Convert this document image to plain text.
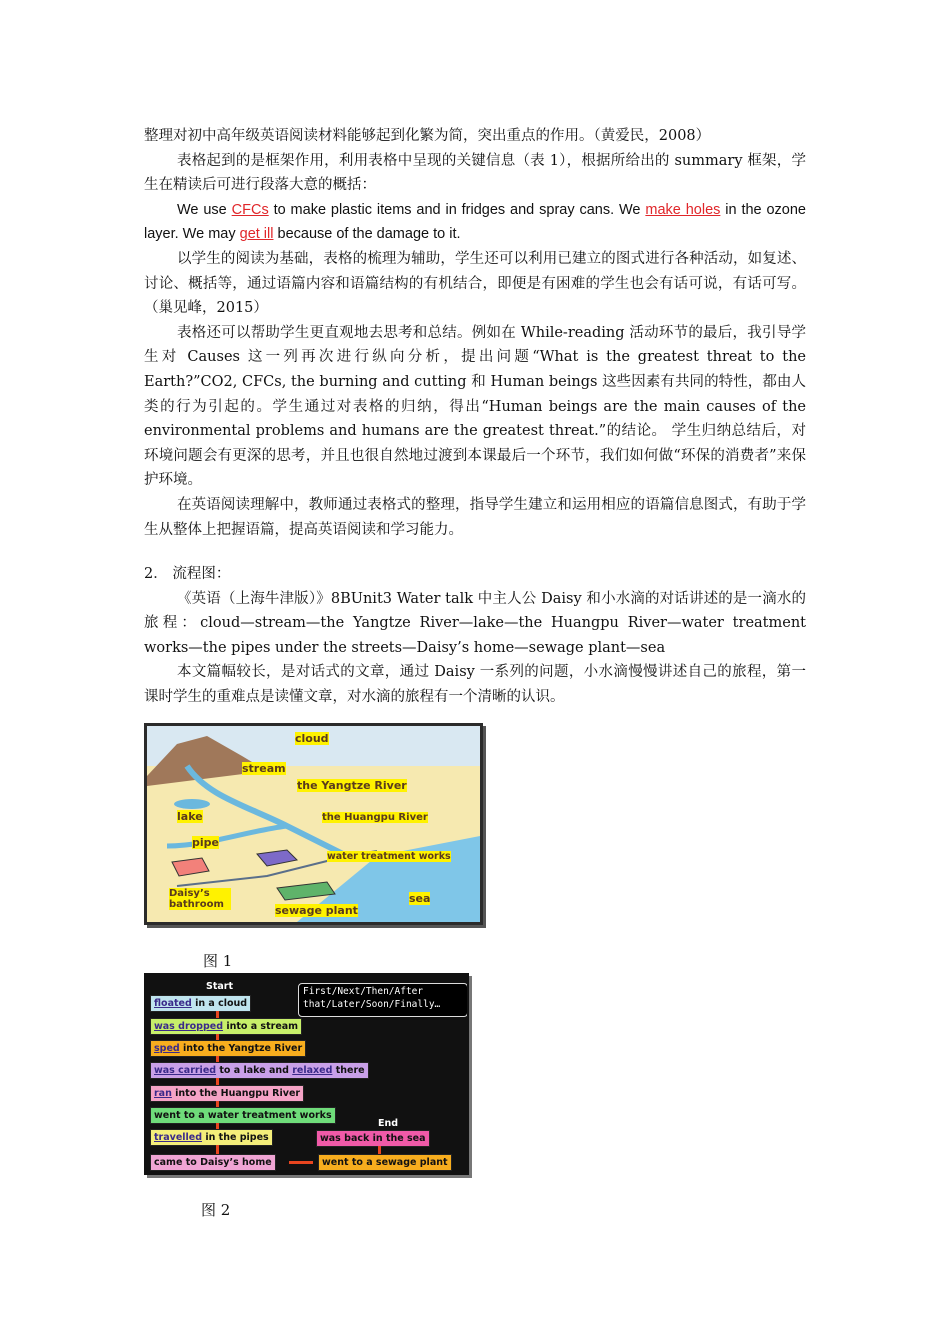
整理对初中高年级英语阅读材料能够起到化繁为简，突出重点的作用。（黄爱民，2008）

表格起到的是框架作用，利用表格中呈现的关键信息（表 1），根据所给出的 summary 框架，学生在精读后可进行段落大意的概括：

We use CFCs to make plastic items and in fridges and spray cans. We make holes in the ozone layer. We may get ill because of the damage to it.

以学生的阅读为基础，表格的梳理为辅助，学生还可以利用已建立的图式进行各种活动，如复述、讨论、概括等，通过语篇内容和语篇结构的有机结合，即便是有困难的学生也会有话可说，有话可写。（巢见峰，2015）

表格还可以帮助学生更直观地去思考和总结。例如在 While-reading 活动环节的最后，我引导学生对 Causes 这一列再次进行纵向分析，提出问题“What is the greatest threat to the Earth?”CO2, CFCs, the burning and cutting 和 Human beings 这些因素有共同的特性，都由人类的行为引起的。学生通过对表格的归纳，得出“Human beings are the main causes of the environmental problems and humans are the greatest threat.”的结论。 学生归纳总结后，对环境问题会有更深的思考，并且也很自然地过渡到本课最后一个环节，我们如何做“环保的消费者”来保护环境。

在英语阅读理解中，教师通过表格式的整理，指导学生建立和运用相应的语篇信息图式，有助于学生从整体上把握语篇，提高英语阅读和学习能力。

2． 流程图：

《英语（上海牛津版）》8BUnit3 Water talk 中主人公 Daisy 和小水滴的对话讲述的是一滴水的旅程：cloud—stream—the Yangtze River—lake—the Huangpu River—water treatment works—the pipes under the streets—Daisy’s home—sewage plant—sea

本文篇幅较长，是对话式的文章，通过 Daisy 一系列的问题，小水滴慢慢讲述自己的旅程，第一课时学生的重难点是读懂文章，对水滴的旅程有一个清晰的认识。

cloud
stream
the Yangtze River
lake	the Huangpu River
pipe
water treatment works
Daisy’s bathroom	sewage plant
sea
图 1
Start	First/Next/Then/After that/Later/Soon/Finally…
floated in a cloud
was dropped into a stream
sped into the Yangtze River
was carried to a lake and relaxed there
ran into the Huangpu River
went to a water treatment works
travelled in the pipes
came to Daisy’s home	went to a sewage plant
End
was back in the sea
图 2
